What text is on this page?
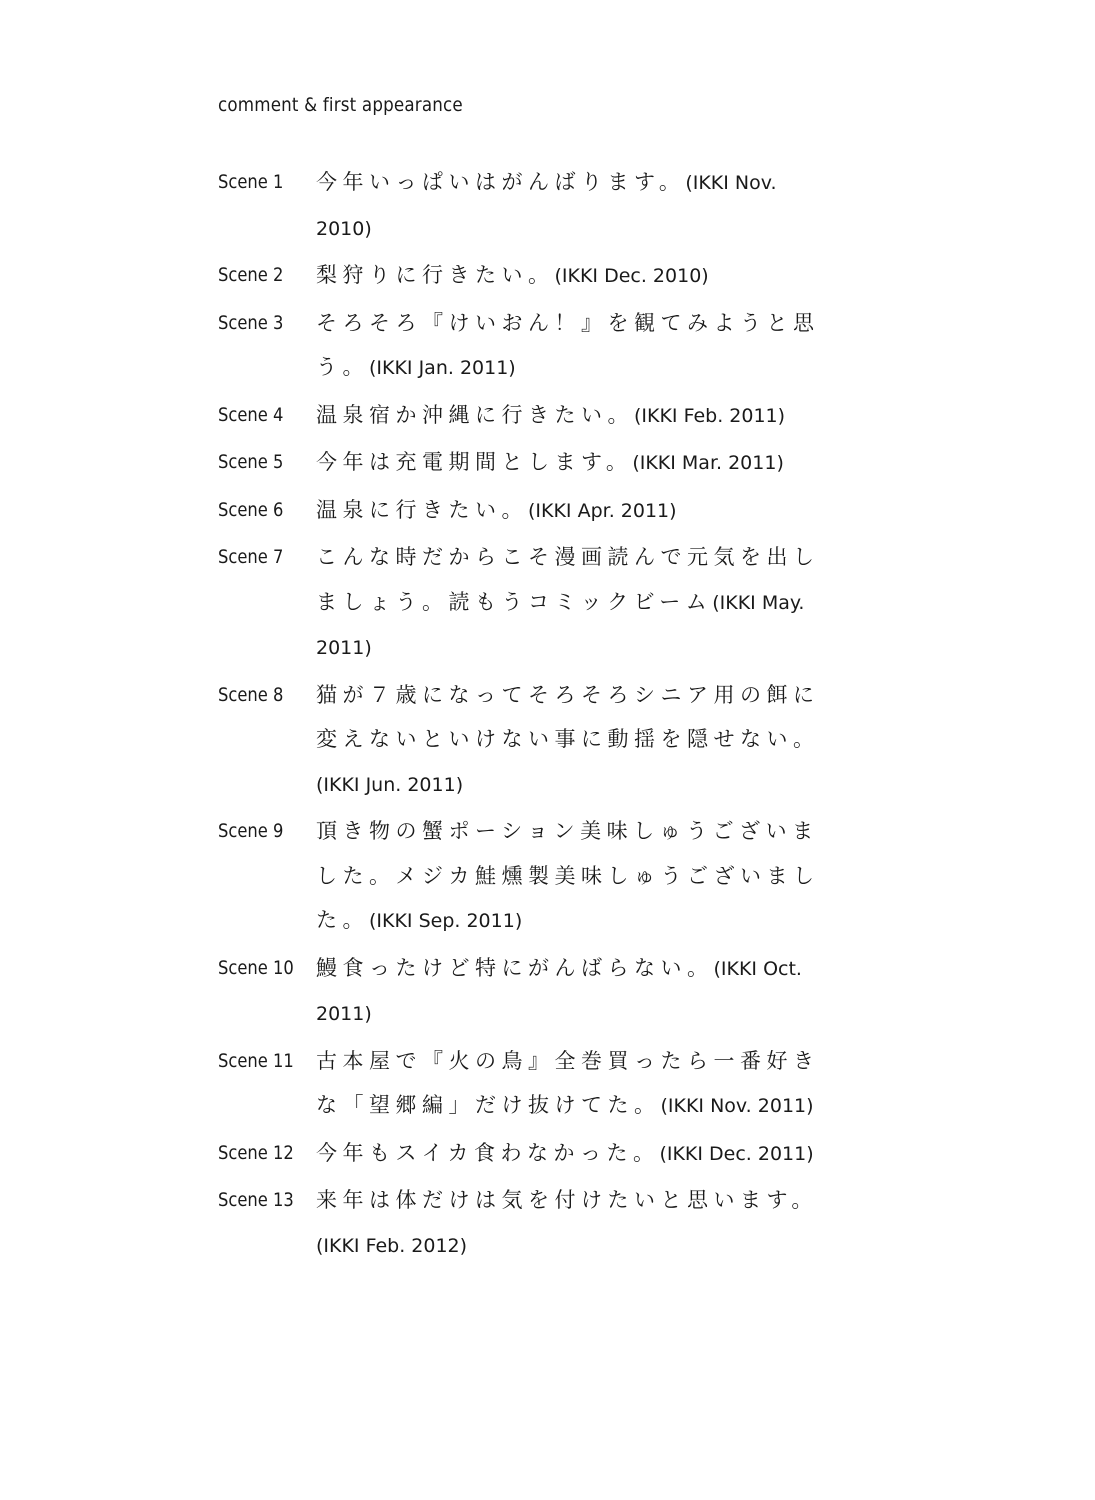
comment & first appearance
Scene 1	今年いっぱいはがんばります。(IKKI Nov. 2010)
Scene 2	梨狩りに行きたい。(IKKI Dec. 2010)
Scene 3	そろそろ『けいおん！』を観てみようと思う。(IKKI Jan. 2011)
Scene 4	温泉宿か沖縄に行きたい。(IKKI Feb. 2011)
Scene 5	今年は充電期間とします。(IKKI Mar. 2011)
Scene 6	温泉に行きたい。(IKKI Apr. 2011)
Scene 7	こんな時だからこそ漫画読んで元気を出しましょう。読もうコミックビーム(IKKI May. 2011)
Scene 8	猫が７歳になってそろそろシニア用の餌に変えないといけない事に動揺を隠せない。(IKKI Jun. 2011)
Scene 9	頂き物の蟹ポーション美味しゅうございました。メジカ鮭燻製美味しゅうございました。(IKKI Sep. 2011)
Scene 10	鰻食ったけど特にがんばらない。(IKKI Oct. 2011)
Scene 11	古本屋で『火の鳥』全巻買ったら一番好きな「望郷編」だけ抜けてた。(IKKI Nov. 2011)
Scene 12	今年もスイカ食わなかった。(IKKI Dec. 2011)
Scene 13	来年は体だけは気を付けたいと思います。(IKKI Feb. 2012)
